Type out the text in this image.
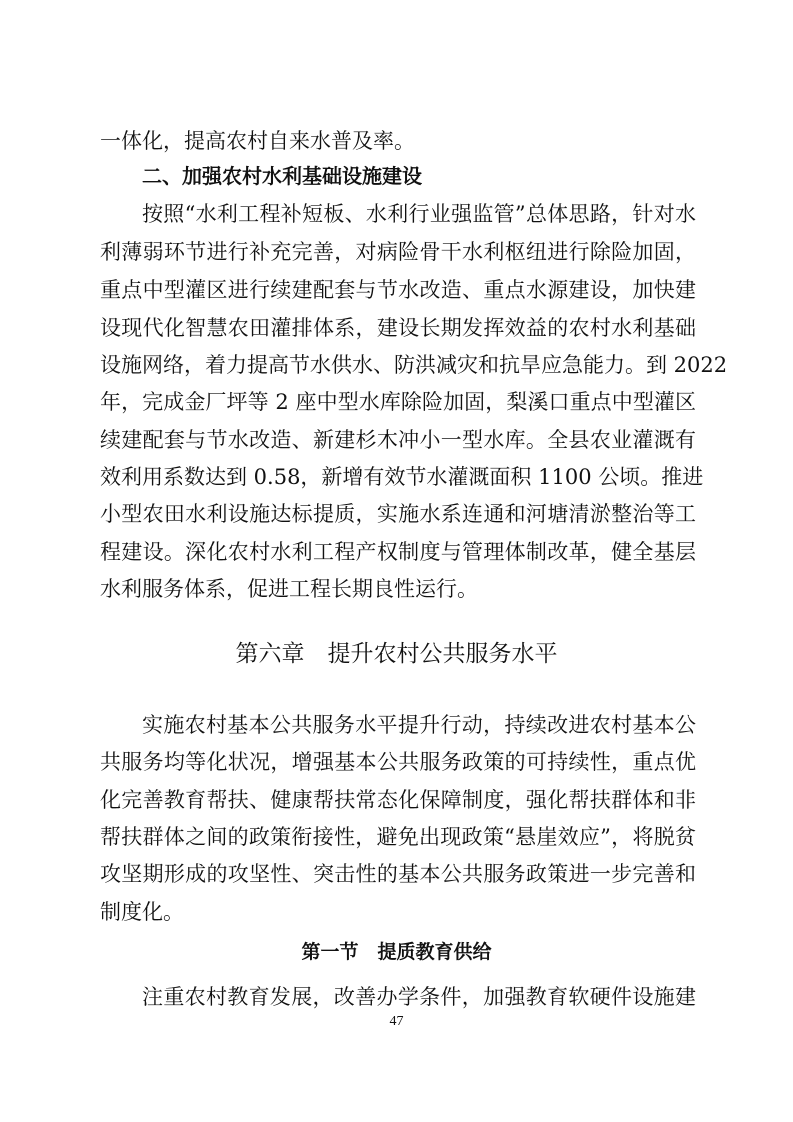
一体化，提高农村自来水普及率。
二、加强农村水利基础设施建设
按照“水利工程补短板、水利行业强监管”总体思路，针对水
利薄弱环节进行补充完善，对病险骨干水利枢纽进行除险加固，
重点中型灌区进行续建配套与节水改造、重点水源建设，加快建
设现代化智慧农田灌排体系，建设长期发挥效益的农村水利基础
设施网络，着力提高节水供水、防洪减灾和抗旱应急能力。到 2022
年，完成金厂坪等 2 座中型水库除险加固，梨溪口重点中型灌区
续建配套与节水改造、新建杉木冲小一型水库。全县农业灌溉有
效利用系数达到 0.58，新增有效节水灌溉面积 1100 公顷。推进
小型农田水利设施达标提质，实施水系连通和河塘清淤整治等工
程建设。深化农村水利工程产权制度与管理体制改革，健全基层
水利服务体系，促进工程长期良性运行。
第六章　提升农村公共服务水平
实施农村基本公共服务水平提升行动，持续改进农村基本公
共服务均等化状况，增强基本公共服务政策的可持续性，重点优
化完善教育帮扶、健康帮扶常态化保障制度，强化帮扶群体和非
帮扶群体之间的政策衔接性，避免出现政策“悬崖效应”，将脱贫
攻坚期形成的攻坚性、突击性的基本公共服务政策进一步完善和
制度化。
第一节　提质教育供给
注重农村教育发展，改善办学条件，加强教育软硬件设施建
47
